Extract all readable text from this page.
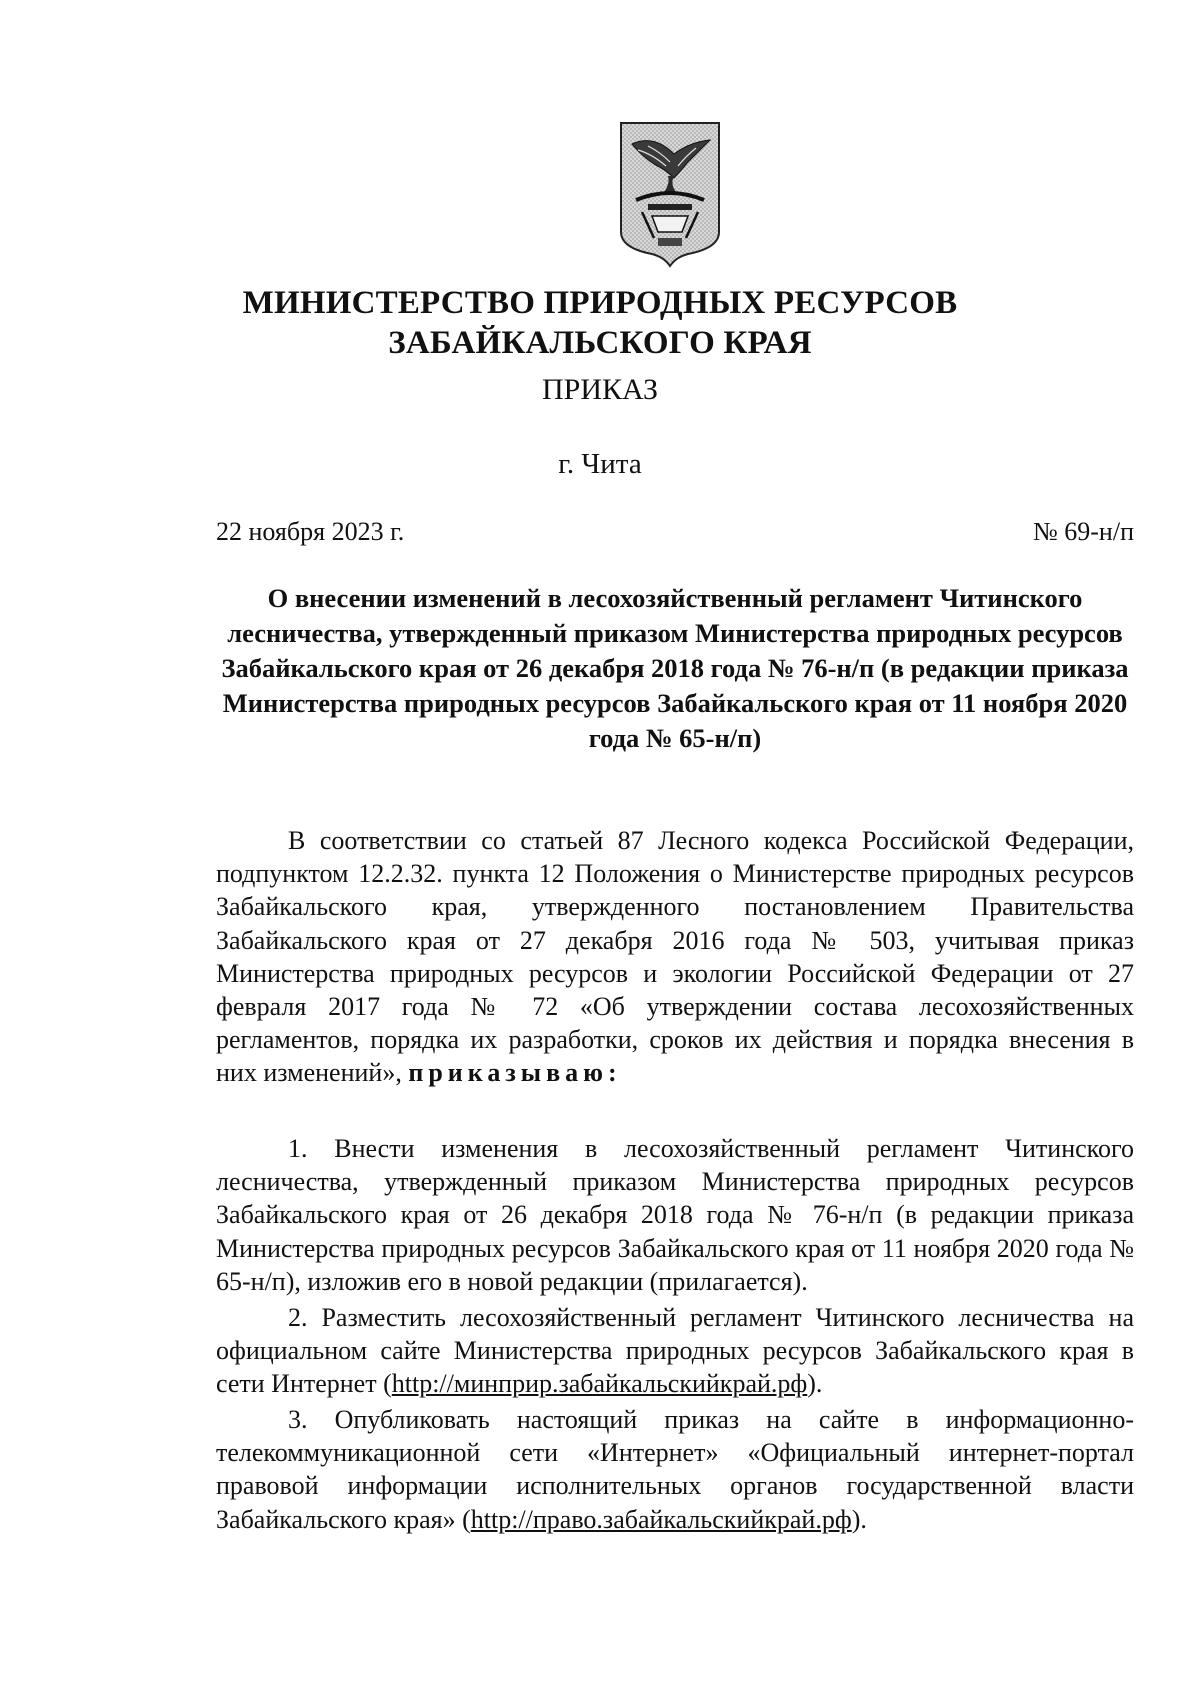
МИНИСТЕРСТВО ПРИРОДНЫХ РЕСУРСОВ
ЗАБАЙКАЛЬСКОГО КРАЯ
ПРИКАЗ
г. Чита
22 ноября 2023 г.	№ 69-н/п
О внесении изменений в лесохозяйственный регламент Читинского лесничества, утвержденный приказом Министерства природных ресурсов Забайкальского края от 26 декабря 2018 года № 76-н/п (в редакции приказа Министерства природных ресурсов Забайкальского края от 11 ноября 2020 года № 65-н/п)

В соответствии со статьей 87 Лесного кодекса Российской Федерации, подпунктом 12.2.32. пункта 12 Положения о Министерстве природных ресурсов Забайкальского края, утвержденного постановлением Правительства Забайкальского края от 27 декабря 2016 года № 503, учитывая приказ Министерства природных ресурсов и экологии Российской Федерации от 27 февраля 2017 года № 72 «Об утверждении состава лесохозяйственных регламентов, порядка их разработки, сроков их действия и порядка внесения в них изменений», приказываю:

1. Внести изменения в лесохозяйственный регламент Читинского лесничества, утвержденный приказом Министерства природных ресурсов Забайкальского края от 26 декабря 2018 года № 76-н/п (в редакции приказа Министерства природных ресурсов Забайкальского края от 11 ноября 2020 года № 65-н/п), изложив его в новой редакции (прилагается).

2. Разместить лесохозяйственный регламент Читинского лесничества на официальном сайте Министерства природных ресурсов Забайкальского края в сети Интернет (http://минприр.забайкальскийкрай.рф).

3. Опубликовать настоящий приказ на сайте в информационно-телекоммуникационной сети «Интернет» «Официальный интернет-портал правовой информации исполнительных органов государственной власти Забайкальского края» (http://право.забайкальскийкрай.рф).
